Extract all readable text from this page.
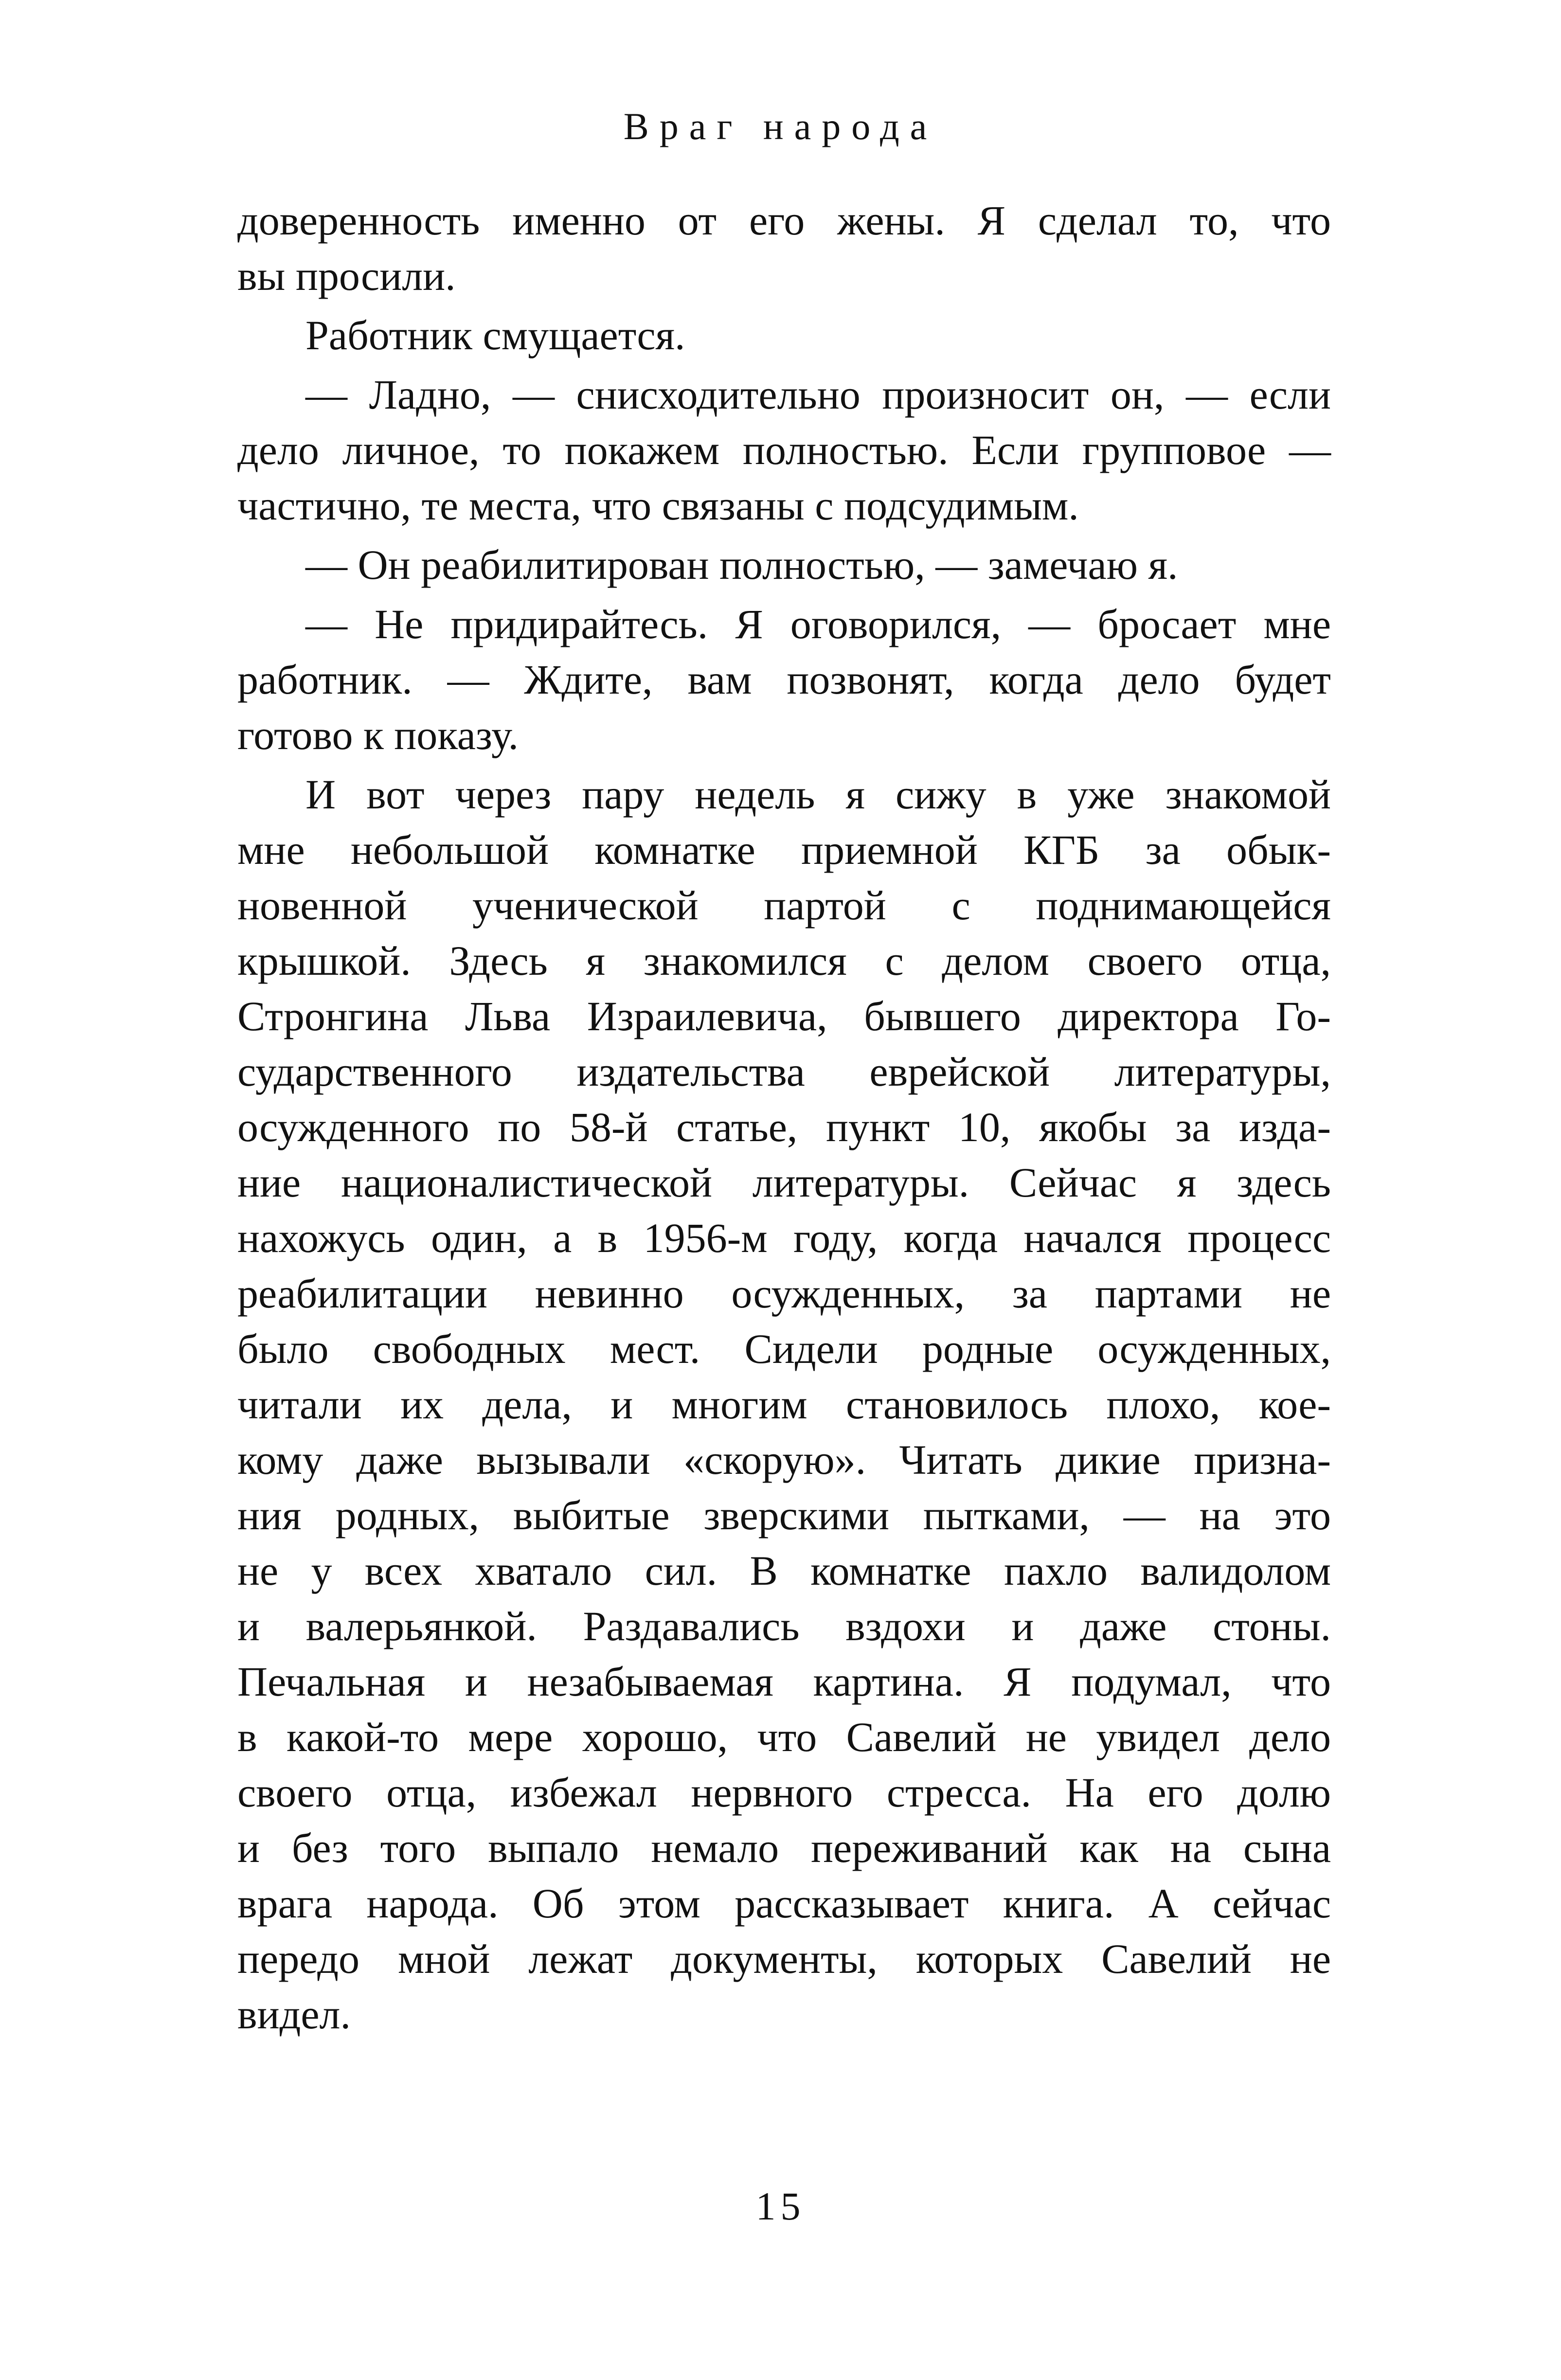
Враг народа
доверенность именно от его жены. Я сделал то, что
вы просили.
Работник смущается.
— Ладно, — снисходительно произносит он, — если
дело личное, то покажем полностью. Если групповое —
частично, те места, что связаны с подсудимым.
— Он реабилитирован полностью, — замечаю я.
— Не придирайтесь. Я оговорился, — бросает мне
работник. — Ждите, вам позвонят, когда дело будет
готово к показу.
И вот через пару недель я сижу в уже знакомой
мне небольшой комнатке приемной КГБ за обык-
новенной ученической партой с поднимающейся
крышкой. Здесь я знакомился с делом своего отца,
Стронгина Льва Израилевича, бывшего директора Го-
сударственного издательства еврейской литературы,
осужденного по 58-й статье, пункт 10, якобы за изда-
ние националистической литературы. Сейчас я здесь
нахожусь один, а в 1956-м году, когда начался процесс
реабилитации невинно осужденных, за партами не
было свободных мест. Сидели родные осужденных,
читали их дела, и многим становилось плохо, кое-
кому даже вызывали «скорую». Читать дикие призна-
ния родных, выбитые зверскими пытками, — на это
не у всех хватало сил. В комнатке пахло валидолом
и валерьянкой. Раздавались вздохи и даже стоны.
Печальная и незабываемая картина. Я подумал, что
в какой-то мере хорошо, что Савелий не увидел дело
своего отца, избежал нервного стресса. На его долю
и без того выпало немало переживаний как на сына
врага народа. Об этом рассказывает книга. А сейчас
передо мной лежат документы, которых Савелий не
видел.
15
